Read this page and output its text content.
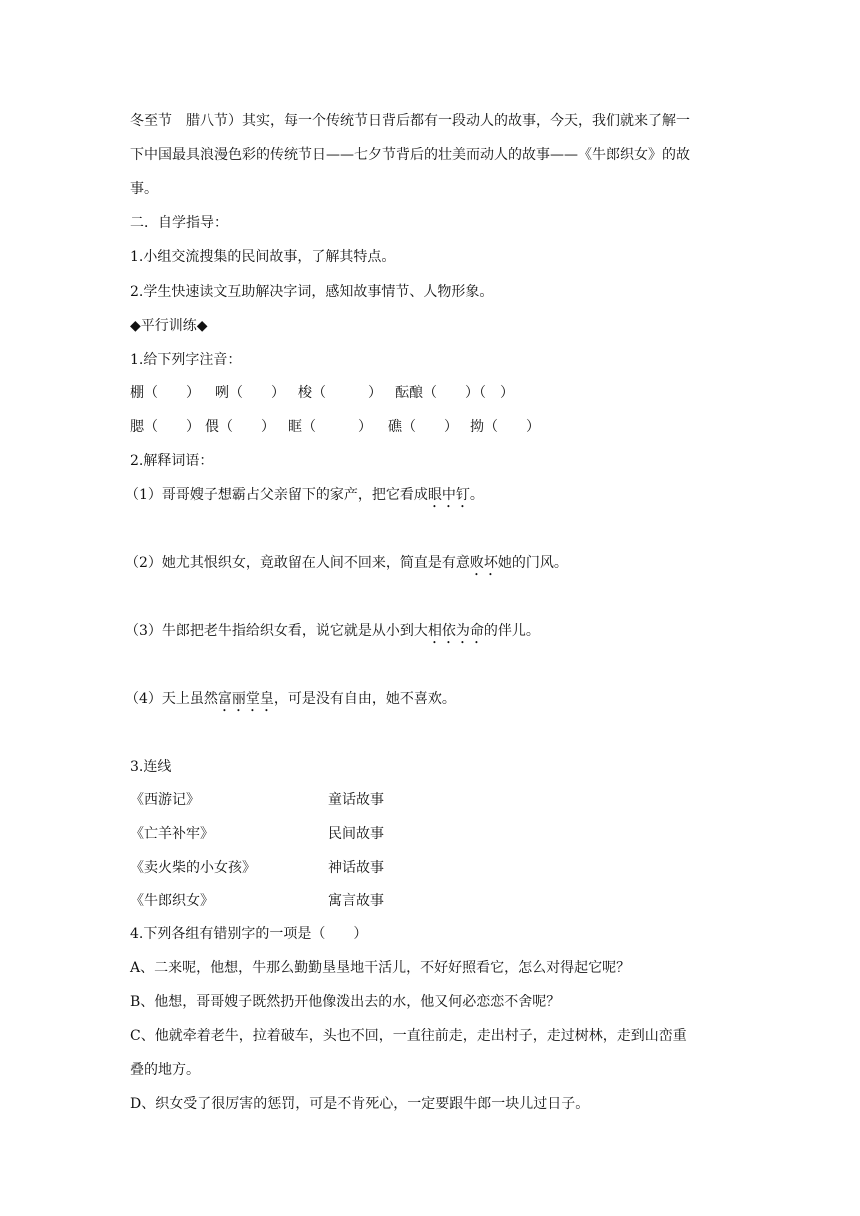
冬至节　腊八节）其实，每一个传统节日背后都有一段动人的故事，今天，我们就来了解一
下中国最具浪漫色彩的传统节日——七夕节背后的壮美而动人的故事——《牛郎织女》的故
事。
二．自学指导：
1.小组交流搜集的民间故事，了解其特点。
2.学生快速读文互助解决字词，感知故事情节、人物形象。
◆平行训练◆
1.给下列字注音：
棚（　　） 咧（　　） 梭（　　　） 酝酿（　　）（　）
腮（　　） 偎（　　） 眶（　　　） 礁（　　） 拗（　　）
2.解释词语：
（1）哥哥嫂子想霸占父亲留下的家产，把它看成眼中钉。
（2）她尤其恨织女，竟敢留在人间不回来，简直是有意败坏她的门风。
（3）牛郎把老牛指给织女看，说它就是从小到大相依为命的伴儿。
（4）天上虽然富丽堂皇，可是没有自由，她不喜欢。
3.连线
《西游记》
《亡羊补牢》
《卖火柴的小女孩》
《牛郎织女》
童话故事
民间故事
神话故事
寓言故事
4.下列各组有错别字的一项是（　　）
A、二来呢，他想，牛那么勤勤垦垦地干活儿，不好好照看它，怎么对得起它呢？
B、他想，哥哥嫂子既然扔开他像泼出去的水，他又何必恋恋不舍呢？
C、他就牵着老牛，拉着破车，头也不回，一直往前走，走出村子，走过树林，走到山峦重
叠的地方。
D、织女受了很厉害的惩罚，可是不肯死心，一定要跟牛郎一块儿过日子。
